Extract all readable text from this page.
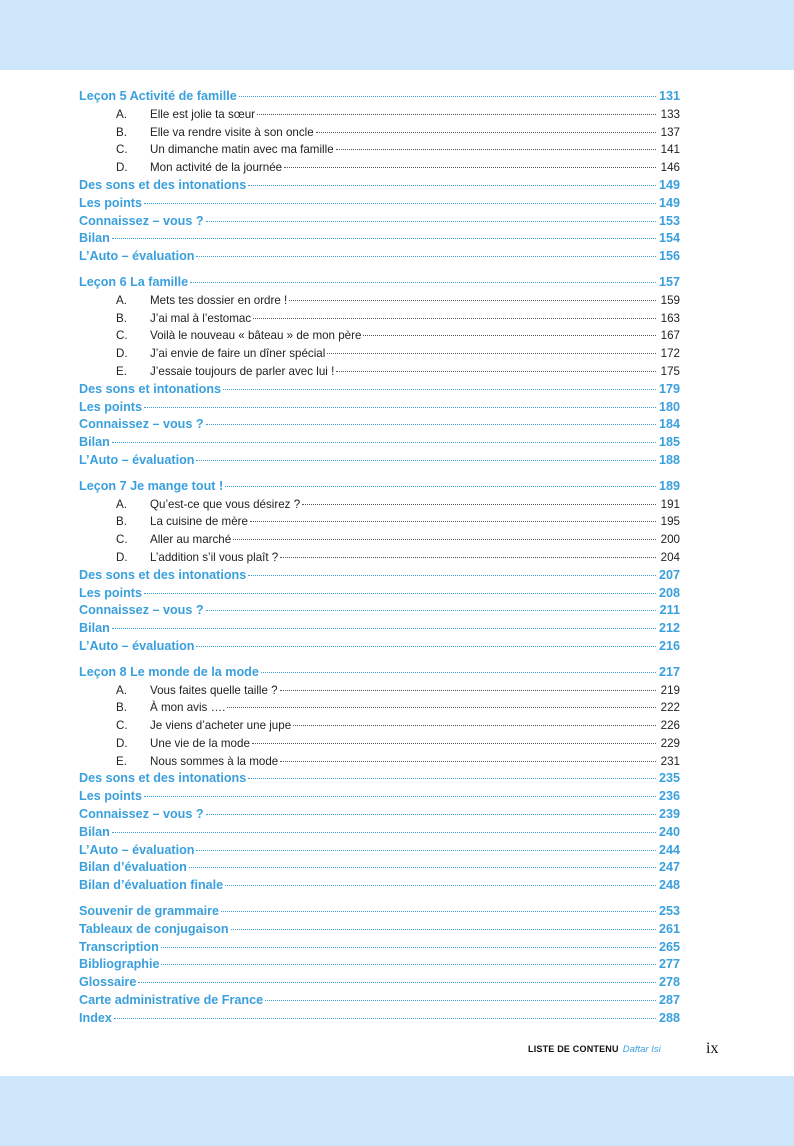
Leçon 5 Activité de famille	131
A.	Elle est jolie ta sœur	133
B.	Elle va rendre visite à son oncle	137
C.	Un dimanche matin avec ma famille	141
D.	Mon activité de la journée	146
Des sons et des intonations	149
Les points	149
Connaissez – vous ?	153
Bilan	154
L’Auto – évaluation	156
Leçon 6 La famille	157
A.	Mets tes dossier en ordre !	159
B.	J’ai mal à l’estomac	163
C.	Voilà le nouveau « bâteau » de mon père	167
D.	J’ai envie de faire un dîner spécial	172
E.	J’essaie toujours de parler avec lui !	175
Des sons et intonations	179
Les points	180
Connaissez – vous ?	184
Bilan	185
L’Auto – évaluation	188
Leçon 7 Je mange tout !	189
A.	Qu’est-ce que vous désirez ?	191
B.	La cuisine de mère	195
C.	Aller au marché	200
D.	L’addition s’il vous plaît ?	204
Des sons et des intonations	207
Les points	208
Connaissez – vous ?	211
Bilan	212
L’Auto – évaluation	216
Leçon 8 Le monde de la mode	217
A.	Vous faites quelle taille ?	219
B.	À mon avis ….	222
C.	Je viens d’acheter une jupe	226
D.	Une vie de la mode	229
E.	Nous sommes à la mode	231
Des sons et des intonations	235
Les points	236
Connaissez – vous ?	239
Bilan	240
L’Auto – évaluation	244
Bilan d’évaluation	247
Bilan d’évaluation finale	248
Souvenir de grammaire	253
Tableaux de conjugaison	261
Transcription	265
Bibliographie	277
Glossaire	278
Carte administrative de France	287
Index	288
LISTE DE CONTENU Daftar Isi	ix
